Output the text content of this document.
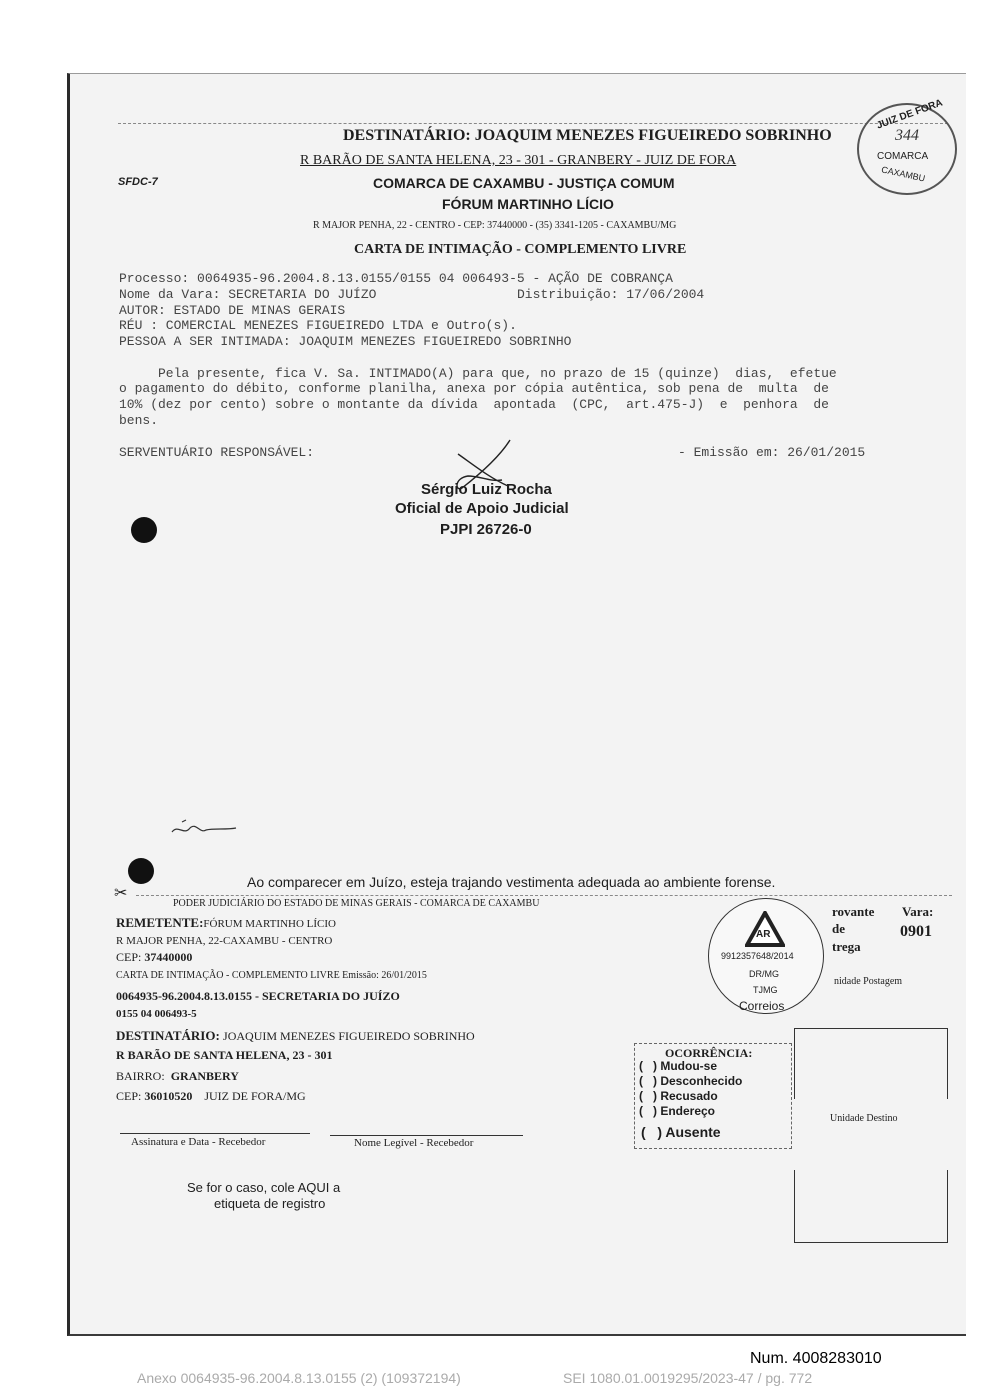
DESTINATÁRIO: JOAQUIM MENEZES FIGUEIREDO SOBRINHO
R BARÃO DE SANTA HELENA, 23 - 301 - GRANBERY - JUIZ DE FORA
SFDC-7	COMARCA DE CAXAMBU - JUSTIÇA COMUM
FÓRUM MARTINHO LÍCIO
R MAJOR PENHA, 22 - CENTRO - CEP: 37440000 - (35) 3341-1205 - CAXAMBU/MG
CARTA DE INTIMAÇÃO - COMPLEMENTO LIVRE
JUIZ DE FORA
344
COMARCA
CAXAMBU
Processo: 0064935-96.2004.8.13.0155/0155 04 006493-5 - AÇÃO DE COBRANÇA
Nome da Vara: SECRETARIA DO JUÍZO	Distribuição: 17/06/2004
AUTOR: ESTADO DE MINAS GERAIS
RÉU : COMERCIAL MENEZES FIGUEIREDO LTDA e Outro(s).
PESSOA A SER INTIMADA: JOAQUIM MENEZES FIGUEIREDO SOBRINHO
Pela presente, fica V. Sa. INTIMADO(A) para que, no prazo de 15 (quinze)  dias,  efetue
o pagamento do débito, conforme planilha, anexa por cópia autêntica, sob pena de  multa  de
10% (dez por cento) sobre o montante da dívida  apontada  (CPC,  art.475-J)  e  penhora  de
bens.
SERVENTUÁRIO RESPONSÁVEL:	- Emissão em: 26/01/2015
Sérgio Luiz Rocha
Oficial de Apoio Judicial
PJPI 26726-0
Ao comparecer em Juízo, esteja trajando vestimenta adequada ao ambiente forense.
✂
PODER JUDICIÁRIO DO ESTADO DE MINAS GERAIS - COMARCA DE CAXAMBU
REMETENTE:FÓRUM MARTINHO LÍCIO
R MAJOR PENHA, 22-CAXAMBU - CENTRO
CEP: 37440000
CARTA DE INTIMAÇÃO - COMPLEMENTO LIVRE Emissão: 26/01/2015
0064935-96.2004.8.13.0155 - SECRETARIA DO JUÍZO
0155 04 006493-5
DESTINATÁRIO: JOAQUIM MENEZES FIGUEIREDO SOBRINHO
R BARÃO DE SANTA HELENA, 23 - 301
BAIRRO: GRANBERY
CEP: 36010520 JUIZ DE FORA/MG
Assinatura e Data - Recebedor	Nome Legível - Recebedor
Se for o caso, cole AQUI a
etiqueta de registro
AR
9912357648/2014
DR/MG
TJMG
Correios
rovante
de
trega
Vara:
0901
nidade Postagem
Unidade Destino
OCORRÊNCIA:
(   ) Mudou-se
(   ) Desconhecido
(   ) Recusado
(   ) Endereço
(   ) Ausente
Num. 4008283010
Anexo 0064935-96.2004.8.13.0155 (2) (109372194)	SEI 1080.01.0019295/2023-47 / pg. 772
